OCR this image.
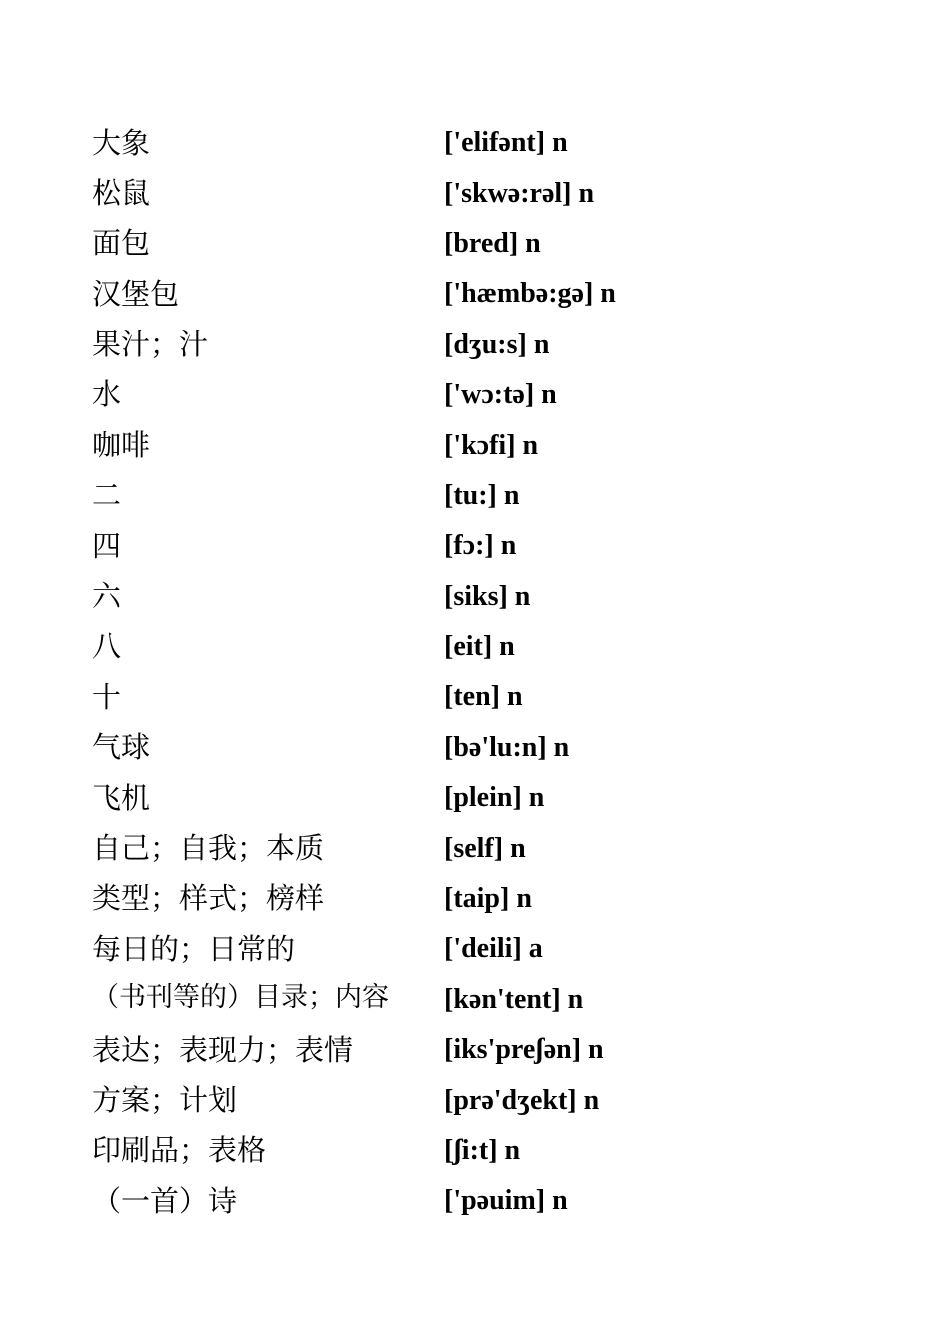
大象	['elifənt] n
松鼠	['skwə:rəl] n
面包	[bred] n
汉堡包	['hæmbə:gə] n
果汁；汁	[dʒu:s] n
水	['wɔ:tə] n
咖啡	['kɔfi] n
二	[tu:] n
四	[fɔ:] n
六	[siks] n
八	[eit] n
十	[ten] n
气球	[bə'lu:n] n
飞机	[plein] n
自己；自我；本质	[self] n
类型；样式；榜样	[taip] n
每日的；日常的	['deili] a
（书刊等的）目录；内容	[kən'tent] n
表达；表现力；表情	[iks'preʃən] n
方案；计划	[prə'dʒekt] n
印刷品；表格	[ʃi:t] n
（一首）诗	['pəuim] n
